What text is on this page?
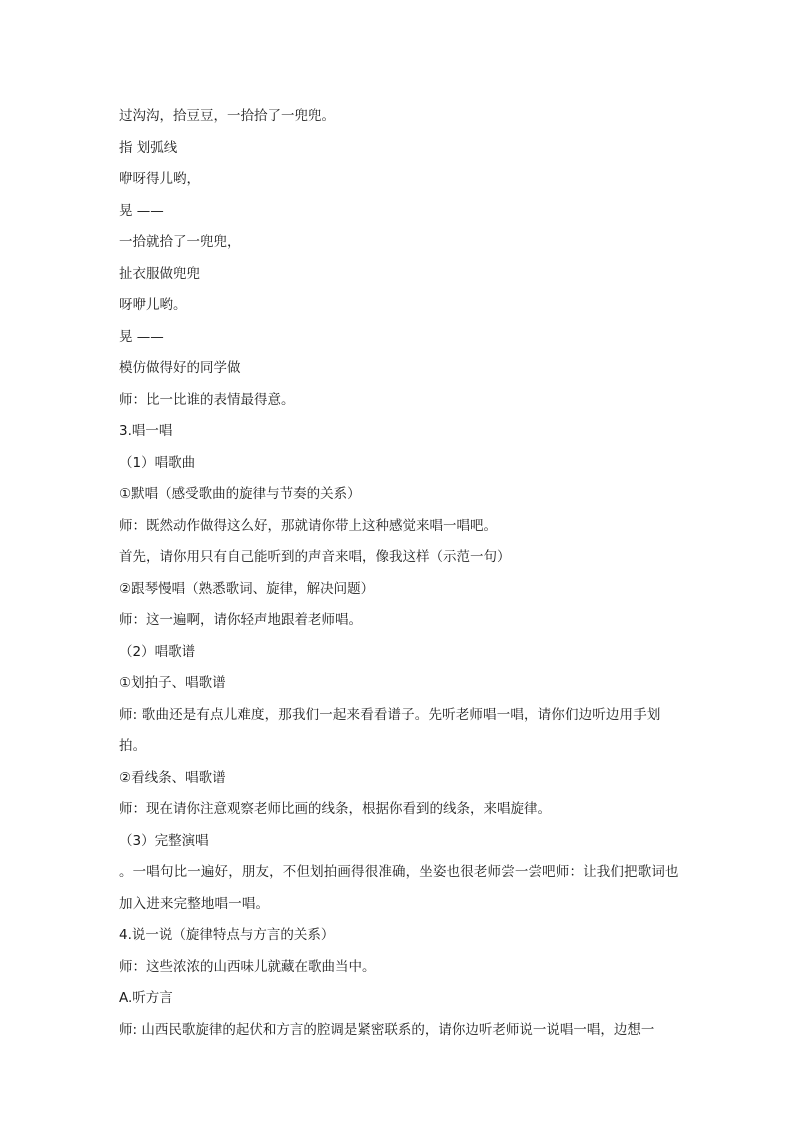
过沟沟，拾豆豆，一拾拾了一兜兜。
指 划弧线
咿呀得儿哟，
晃 ——
一拾就拾了一兜兜，
扯衣服做兜兜
呀咿儿哟。
晃 ——
模仿做得好的同学做
师：比一比谁的表情最得意。
3.唱一唱
（1）唱歌曲
①默唱（感受歌曲的旋律与节奏的关系）
师：既然动作做得这么好，那就请你带上这种感觉来唱一唱吧。
首先，请你用只有自己能听到的声音来唱，像我这样（示范一句）
②跟琴慢唱（熟悉歌词、旋律，解决问题）
师：这一遍啊，请你轻声地跟着老师唱。
（2）唱歌谱
①划拍子、唱歌谱
师: 歌曲还是有点儿难度，那我们一起来看看谱子。先听老师唱一唱，请你们边听边用手划拍。
②看线条、唱歌谱
师：现在请你注意观察老师比画的线条，根据你看到的线条，来唱旋律。
（3）完整演唱
。一唱句比一遍好，朋友，不但划拍画得很准确，坐姿也很老师尝一尝吧师：让我们把歌词也加入进来完整地唱一唱。
4.说一说（旋律特点与方言的关系）
师：这些浓浓的山西味儿就藏在歌曲当中。
A.听方言
师: 山西民歌旋律的起伏和方言的腔调是紧密联系的，请你边听老师说一说唱一唱，边想一
